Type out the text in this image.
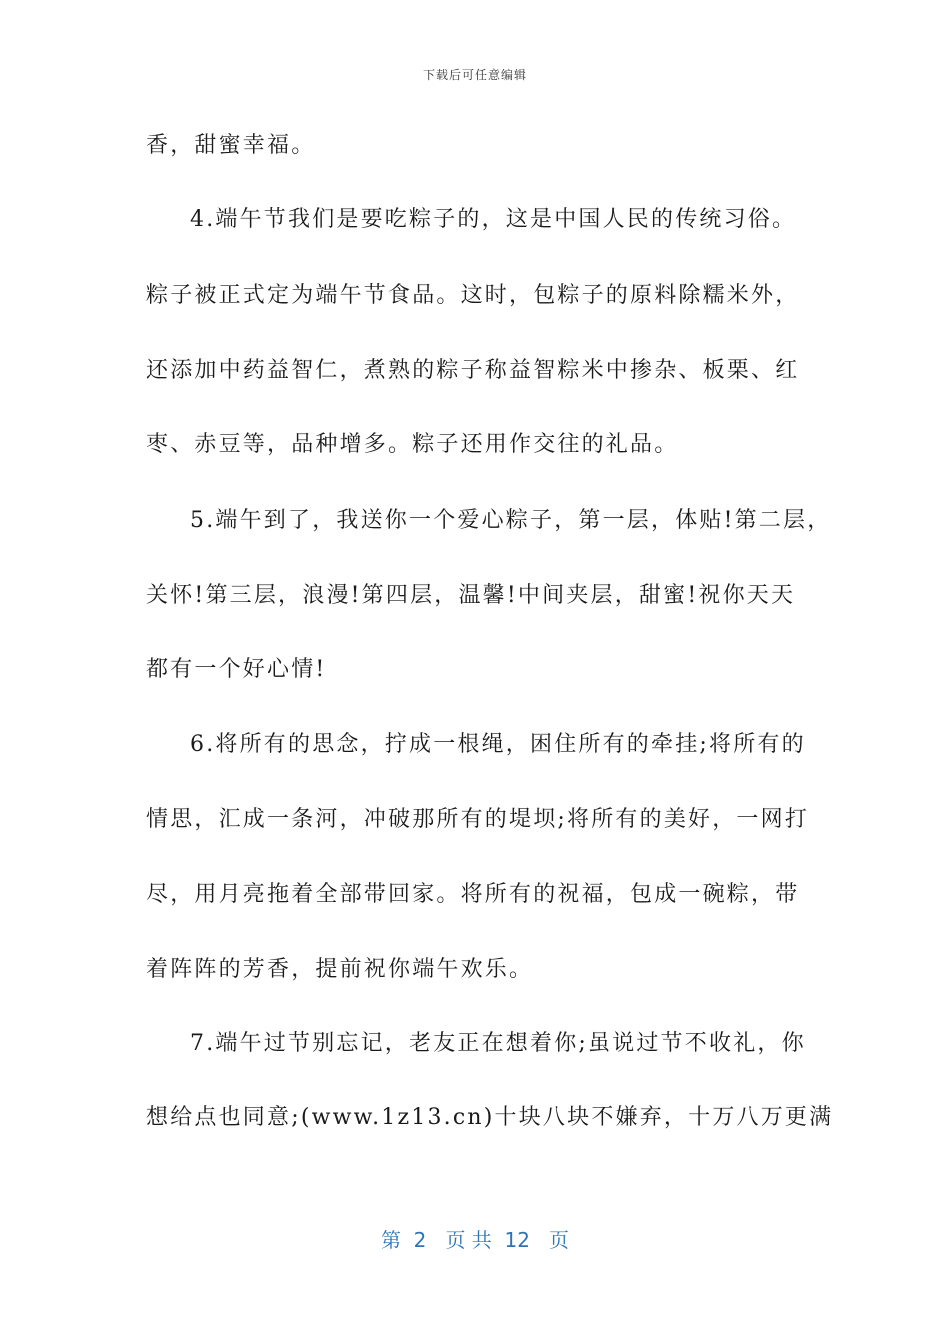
下载后可任意编辑
香，甜蜜幸福。
4.端午节我们是要吃粽子的，这是中国人民的传统习俗。
粽子被正式定为端午节食品。这时，包粽子的原料除糯米外，
还添加中药益智仁，煮熟的粽子称益智粽米中掺杂、板栗、红
枣、赤豆等，品种增多。粽子还用作交往的礼品。
5.端午到了，我送你一个爱心粽子，第一层，体贴!第二层，
关怀!第三层，浪漫!第四层，温馨!中间夹层，甜蜜!祝你天天
都有一个好心情!
6.将所有的思念，拧成一根绳，困住所有的牵挂;将所有的
情思，汇成一条河，冲破那所有的堤坝;将所有的美好，一网打
尽，用月亮拖着全部带回家。将所有的祝福，包成一碗粽，带
着阵阵的芳香，提前祝你端午欢乐。
7.端午过节别忘记，老友正在想着你;虽说过节不收礼，你
想给点也同意;(www.1z13.cn)十块八块不嫌弃，十万八万更满
第  2   页 共  12   页
